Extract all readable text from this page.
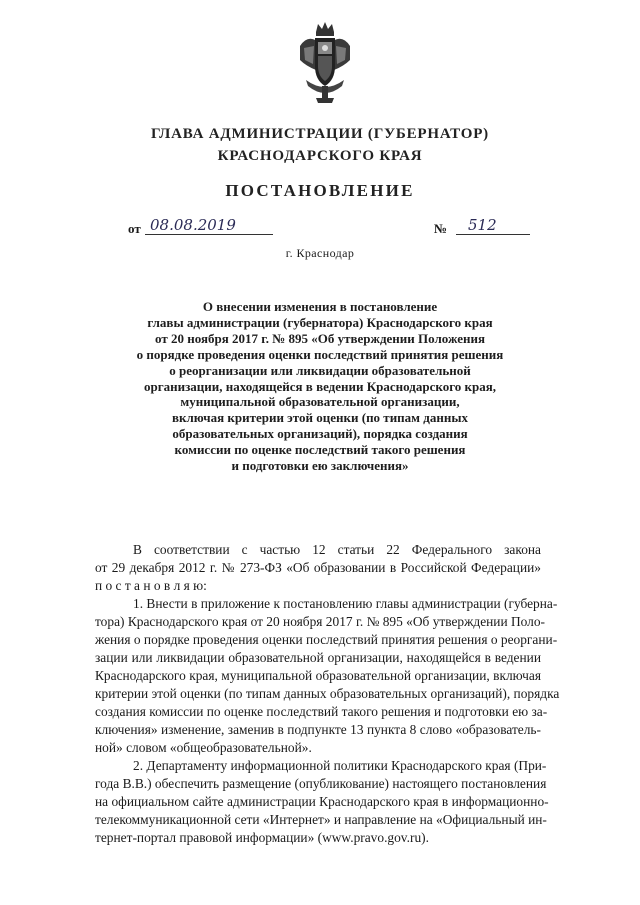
ГЛАВА АДМИНИСТРАЦИИ (ГУБЕРНАТОР)
КРАСНОДАРСКОГО КРАЯ
ПОСТАНОВЛЕНИЕ
от 08.08.2019	№ 512
г. Краснодар
О внесении изменения в постановление
главы администрации (губернатора) Краснодарского края
от 20 ноября 2017 г. № 895 «Об утверждении Положения
о порядке проведения оценки последствий принятия решения
о реорганизации или ликвидации образовательной
организации, находящейся в ведении Краснодарского края,
муниципальной образовательной организации,
включая критерии этой оценки (по типам данных
образовательных организаций), порядка создания
комиссии по оценке последствий такого решения
и подготовки ею заключения»
В соответствии с частью 12 статьи 22 Федерального закона
от 29 декабря 2012 г. № 273-ФЗ «Об образовании в Российской Федерации»
п о с т а н о в л я ю:
1. Внести в приложение к постановлению главы администрации (губерна-
тора) Краснодарского края от 20 ноября 2017 г. № 895 «Об утверждении Поло-
жения о порядке проведения оценки последствий принятия решения о реоргани-
зации или ликвидации образовательной организации, находящейся в ведении
Краснодарского края, муниципальной образовательной организации, включая
критерии этой оценки (по типам данных образовательных организаций), порядка
создания комиссии по оценке последствий такого решения и подготовки ею за-
ключения» изменение, заменив в подпункте 13 пункта 8 слово «образователь-
ной» словом «общеобразовательной».
2. Департаменту информационной политики Краснодарского края (При-
года В.В.) обеспечить размещение (опубликование) настоящего постановления
на официальном сайте администрации Краснодарского края в информационно-
телекоммуникационной сети «Интернет» и направление на «Официальный ин-
тернет-портал правовой информации» (www.pravo.gov.ru).
